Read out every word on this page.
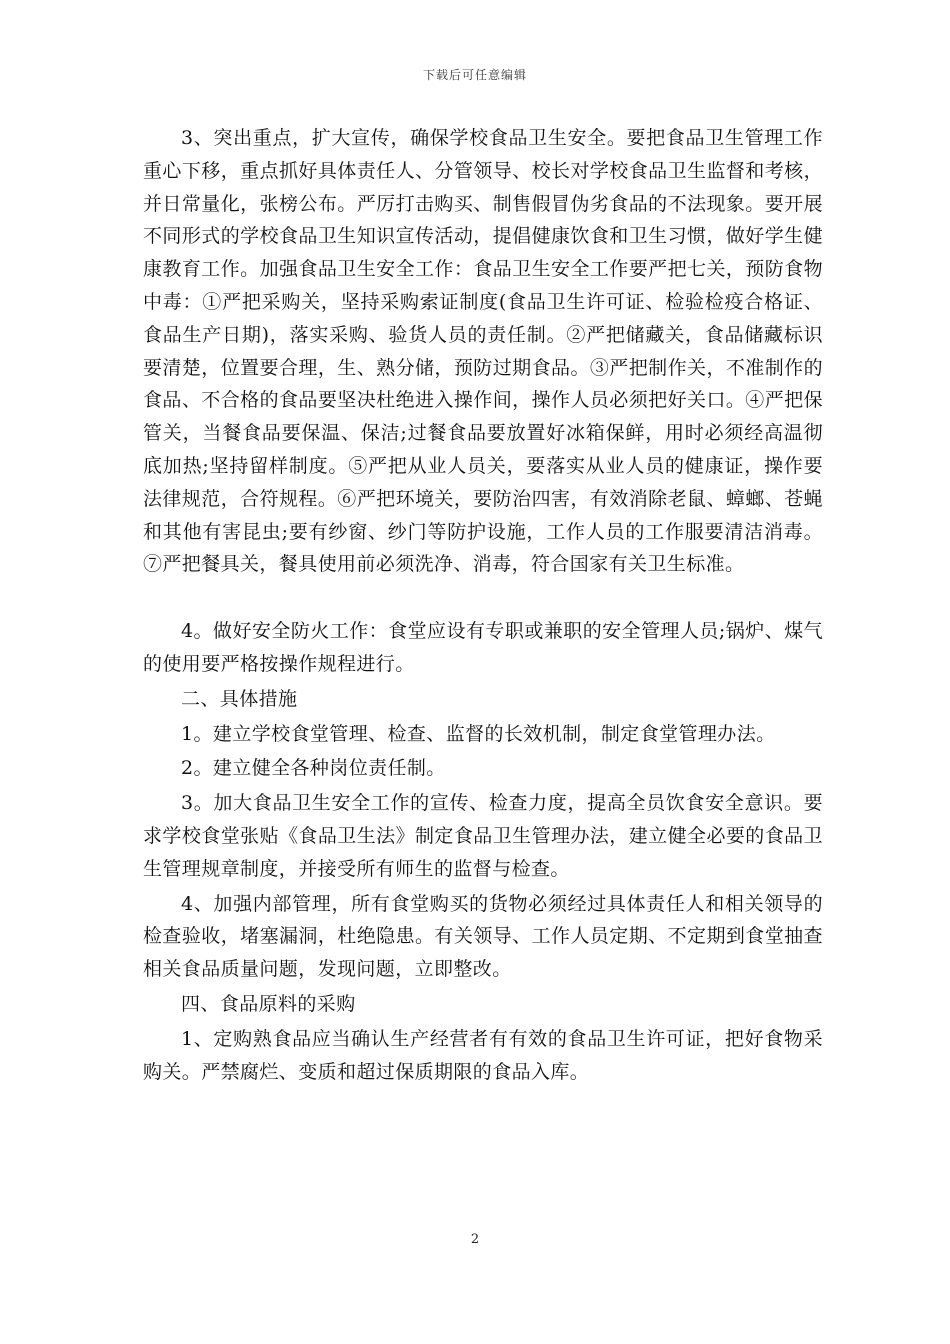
下载后可任意编辑

3、突出重点，扩大宣传，确保学校食品卫生安全。要把食品卫生管理工作重心下移，重点抓好具体责任人、分管领导、校长对学校食品卫生监督和考核，并日常量化，张榜公布。严厉打击购买、制售假冒伪劣食品的不法现象。要开展不同形式的学校食品卫生知识宣传活动，提倡健康饮食和卫生习惯，做好学生健康教育工作。加强食品卫生安全工作：食品卫生安全工作要严把七关，预防食物中毒：①严把采购关，坚持采购索证制度(食品卫生许可证、检验检疫合格证、食品生产日期)，落实采购、验货人员的责任制。②严把储藏关，食品储藏标识要清楚，位置要合理，生、熟分储，预防过期食品。③严把制作关，不准制作的食品、不合格的食品要坚决杜绝进入操作间，操作人员必须把好关口。④严把保管关，当餐食品要保温、保洁;过餐食品要放置好冰箱保鲜，用时必须经高温彻底加热;坚持留样制度。⑤严把从业人员关，要落实从业人员的健康证，操作要法律规范，合符规程。⑥严把环境关，要防治四害，有效消除老鼠、蟑螂、苍蝇和其他有害昆虫;要有纱窗、纱门等防护设施，工作人员的工作服要清洁消毒。⑦严把餐具关，餐具使用前必须洗净、消毒，符合国家有关卫生标准。

4。做好安全防火工作：食堂应设有专职或兼职的安全管理人员;锅炉、煤气的使用要严格按操作规程进行。

二、具体措施

1。建立学校食堂管理、检查、监督的长效机制，制定食堂管理办法。

2。建立健全各种岗位责任制。

3。加大食品卫生安全工作的宣传、检查力度，提高全员饮食安全意识。要求学校食堂张贴《食品卫生法》制定食品卫生管理办法，建立健全必要的食品卫生管理规章制度，并接受所有师生的监督与检查。

4、加强内部管理，所有食堂购买的货物必须经过具体责任人和相关领导的检查验收，堵塞漏洞，杜绝隐患。有关领导、工作人员定期、不定期到食堂抽查相关食品质量问题，发现问题，立即整改。

四、食品原料的采购

1、定购熟食品应当确认生产经营者有有效的食品卫生许可证，把好食物采购关。严禁腐烂、变质和超过保质期限的食品入库。

2
